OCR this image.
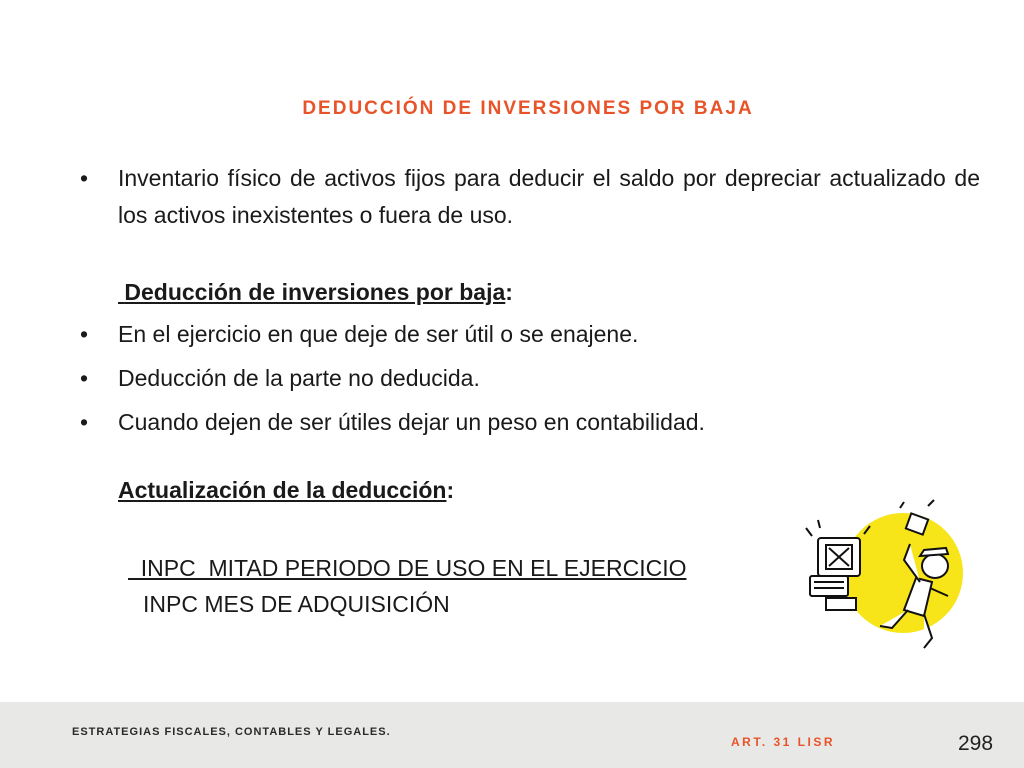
DEDUCCIÓN DE INVERSIONES POR BAJA
• Inventario físico de activos fijos para deducir el saldo por depreciar actualizado de los activos inexistentes o fuera de uso.
Deducción de inversiones por baja:
• En el ejercicio en que deje de ser útil o se enajene.
• Deducción de la parte no deducida.
• Cuando dejen de ser útiles dejar un peso en contabilidad.
Actualización de la deducción:
INPC  MITAD PERIODO DE USO EN EL EJERCICIO
INPC MES DE ADQUISICIÓN
ESTRATEGIAS FISCALES, CONTABLES Y LEGALES.
ART. 31 LISR	298
